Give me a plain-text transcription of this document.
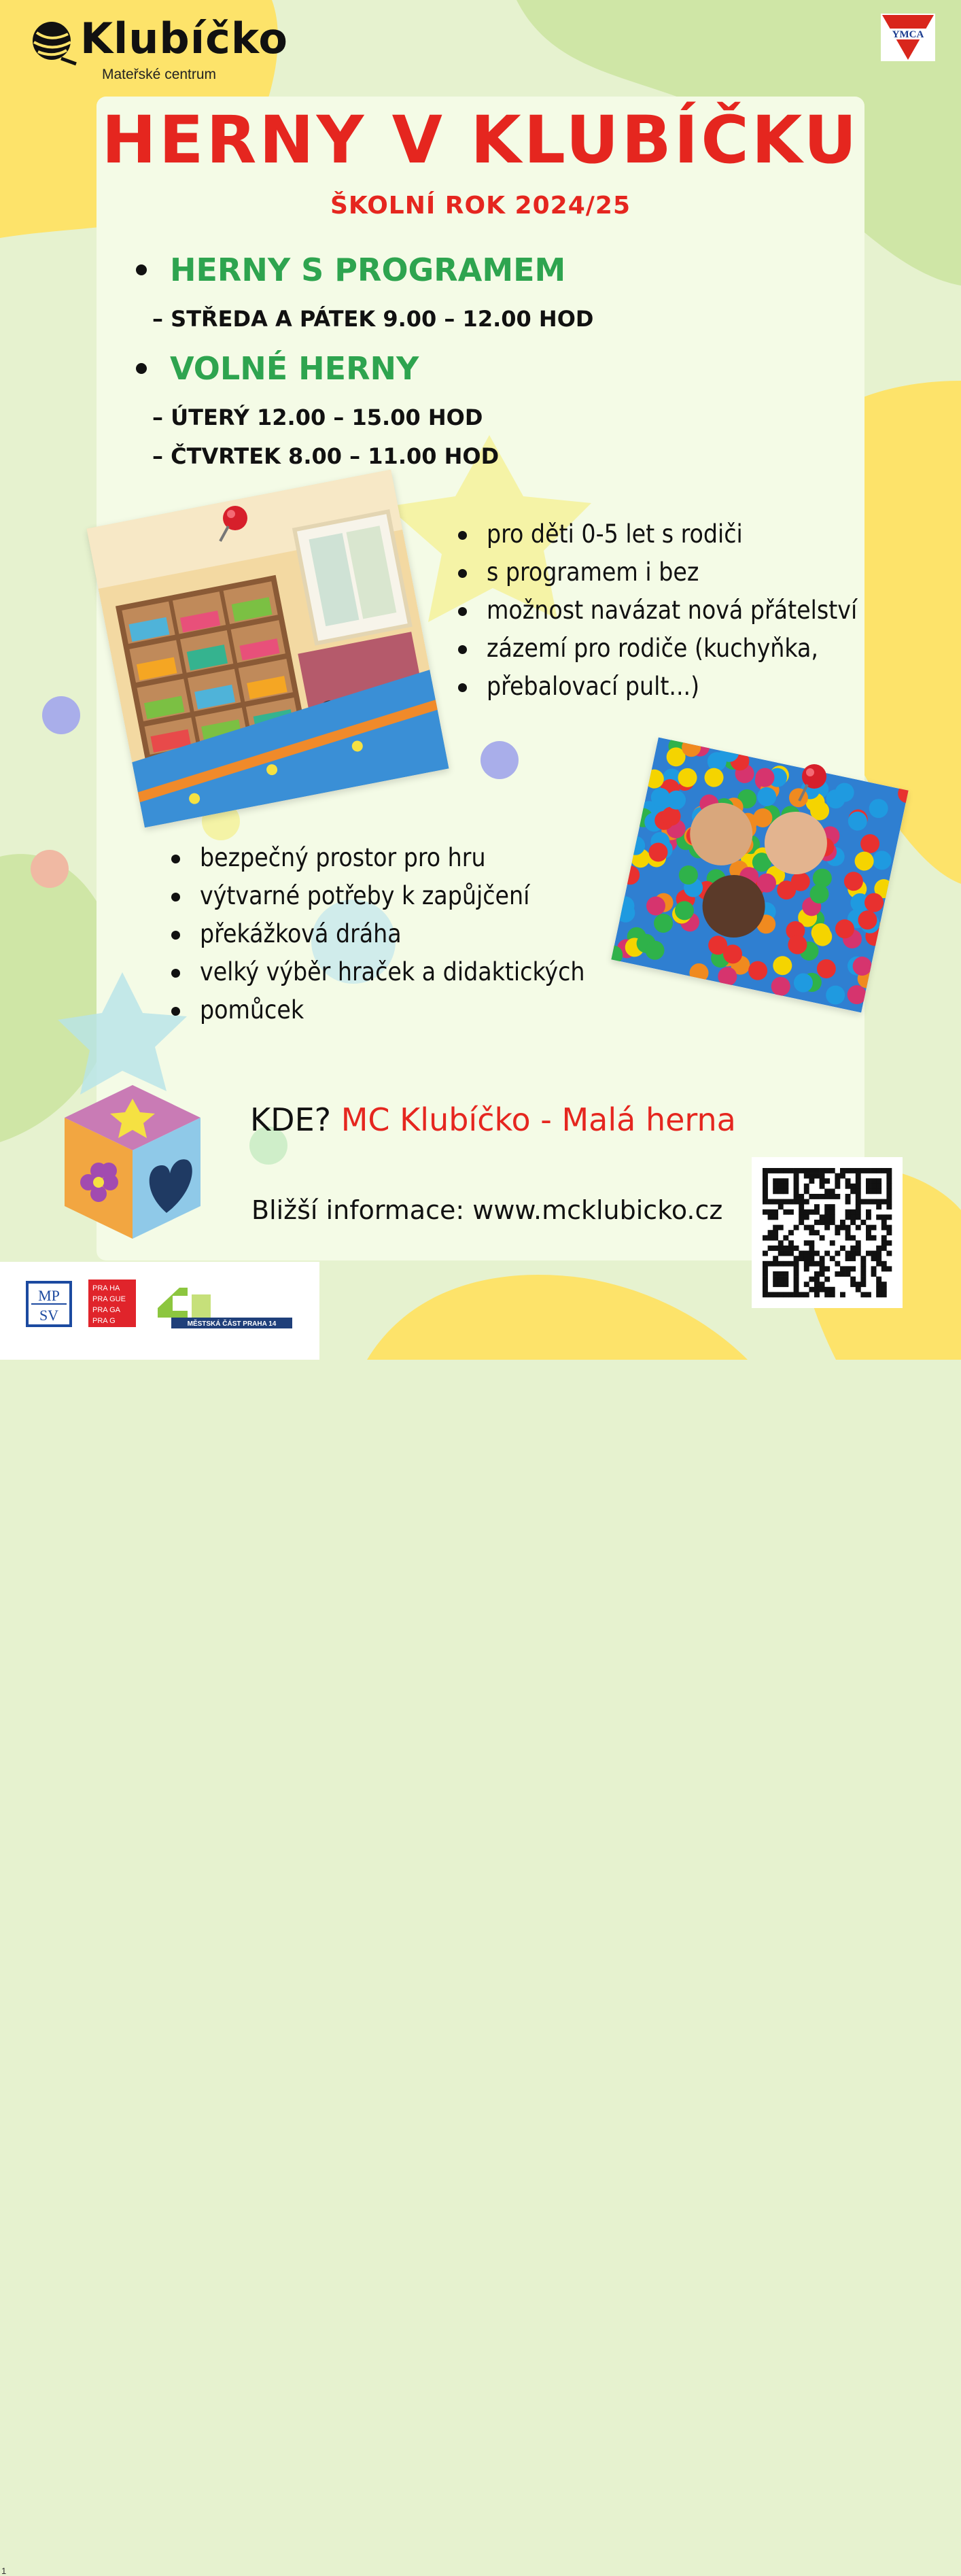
Klubíčko
Mateřské centrum
YMCA
HERNY V KLUBÍČKU
ŠKOLNÍ ROK 2024/25
HERNY S PROGRAMEM
– STŘEDA A PÁTEK 9.00 – 12.00 HOD
VOLNÉ HERNY
– ÚTERÝ 12.00 – 15.00 HOD
– ČTVRTEK 8.00 – 11.00 HOD
pro děti 0-5 let s rodiči
s programem i bez
možnost navázat nová přátelství
zázemí pro rodiče (kuchyňka,
přebalovací pult...)
bezpečný prostor pro hru
výtvarné potřeby k zapůjčení
překážková dráha
velký výběr hraček a didaktických
pomůcek
KDE? MC Klubíčko - Malá herna
Bližší informace: www.mcklubicko.cz
1
MP
SV
PRA HA
PRA GUE
PRA GA
PRA G	MĚSTSKÁ ČÁST PRAHA 14
